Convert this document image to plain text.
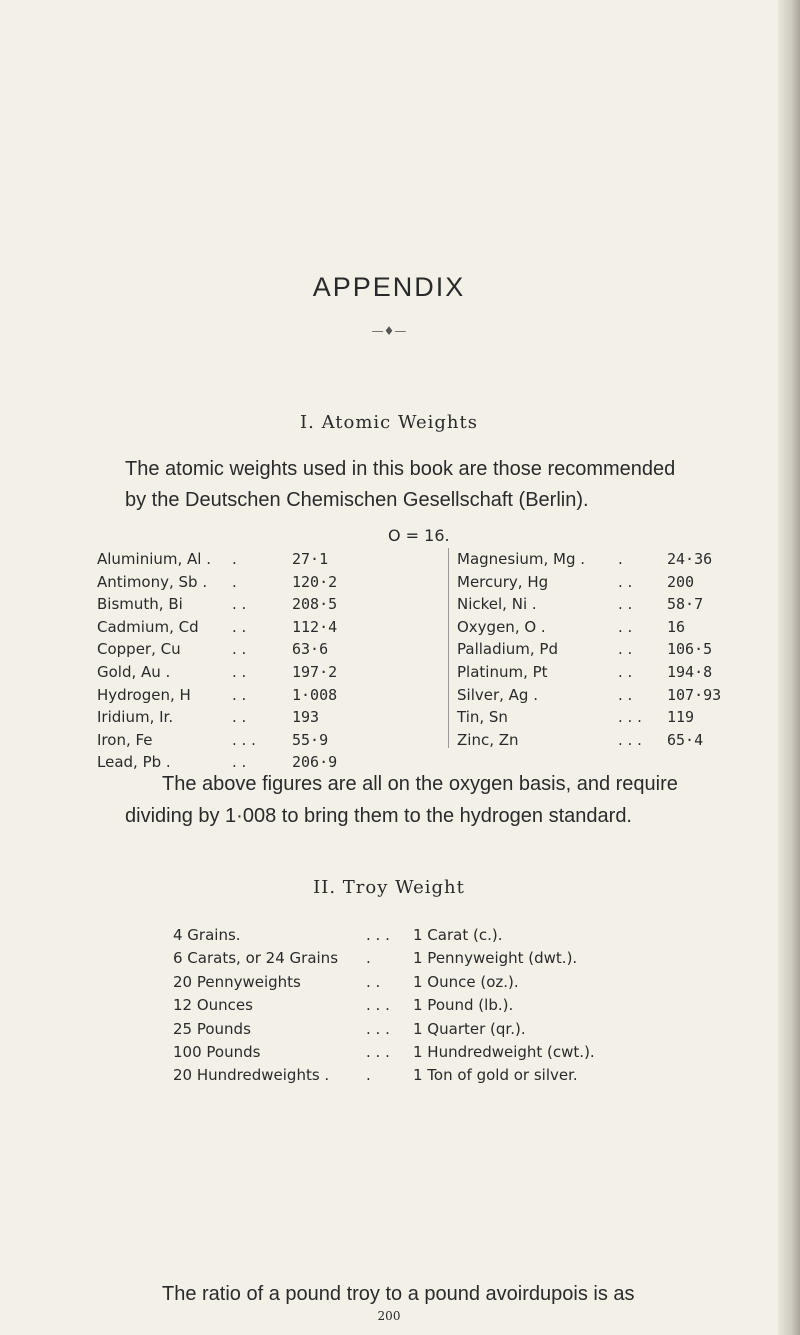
APPENDIX
—♦—
I. Atomic Weights
The atomic weights used in this book are those recommended
by the Deutschen Chemischen Gesellschaft (Berlin).
O = 16.
Aluminium, Al . .	27·1
Antimony, Sb . .	120·2
Bismuth, Bi	. .	208·5
Cadmium, Cd . .	112·4
Copper, Cu	. .	63·6
Gold, Au .	. .	197·2
Hydrogen, H	. .	1·008
Iridium, Ir.	. .	193
Iron, Fe	. . . 55·9
Lead, Pb .	. .	206·9
Magnesium, Mg . .	24·36
Mercury, Hg	. . 200
Nickel, Ni .	. . 58·7
Oxygen, O .	. . 16
Palladium, Pd	. . 106·5
Platinum, Pt	. . 194·8
Silver, Ag .	. . 107·93
Tin, Sn	. . . 119
Zinc, Zn	. . . 65·4
The above figures are all on the oxygen basis, and require
dividing by 1·008 to bring them to the hydrogen standard.
II. Troy Weight
4 Grains.	. . . 1 Carat (c.).
6 Carats, or 24 Grains .	1 Pennyweight (dwt.).
20 Pennyweights	. . 1 Ounce (oz.).
12 Ounces	. . . 1 Pound (lb.).
25 Pounds	. . . 1 Quarter (qr.).
100 Pounds	. . . 1 Hundredweight (cwt.).
20 Hundredweights . .	1 Ton of gold or silver.
The ratio of a pound troy to a pound avoirdupois is as
200
